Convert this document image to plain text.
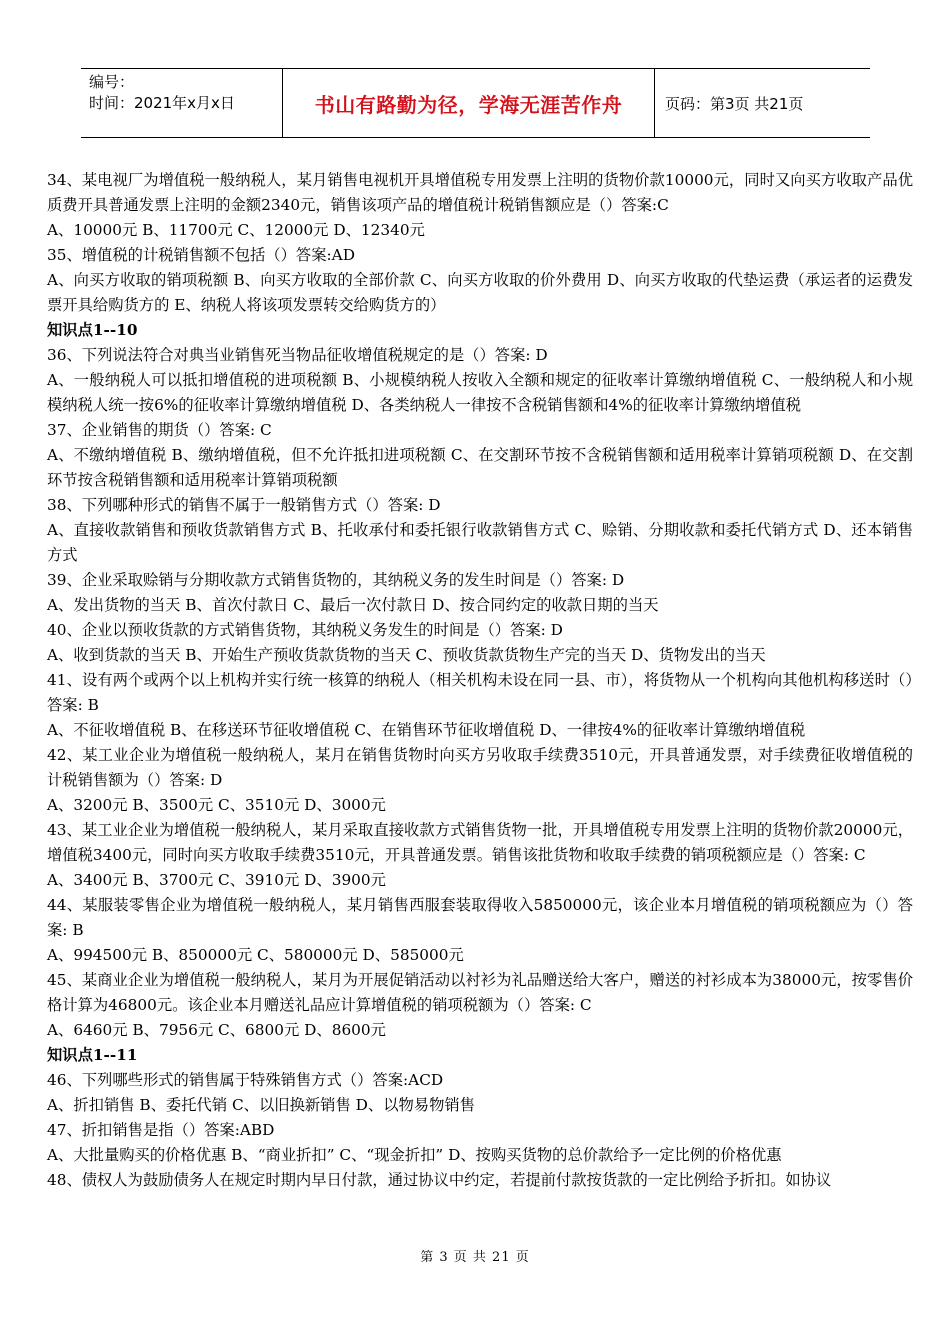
编号：
时间：2021年x月x日	书山有路勤为径，学海无涯苦作舟	页码：第3页 共21页

34、某电视厂为增值税一般纳税人，某月销售电视机开具增值税专用发票上注明的货物价款10000元，同时又向买方收取产品优质费开具普通发票上注明的金额2340元，销售该项产品的增值税计税销售额应是（）答案:C

A、10000元 B、11700元 C、12000元 D、12340元

35、增值税的计税销售额不包括（）答案:AD

A、向买方收取的销项税额 B、向买方收取的全部价款 C、向买方收取的价外费用 D、向买方收取的代垫运费（承运者的运费发票开具给购货方的 E、纳税人将该项发票转交给购货方的）

知识点1--10

36、下列说法符合对典当业销售死当物品征收增值税规定的是（）答案: D

A、一般纳税人可以抵扣增值税的进项税额 B、小规模纳税人按收入全额和规定的征收率计算缴纳增值税 C、一般纳税人和小规模纳税人统一按6%的征收率计算缴纳增值税 D、各类纳税人一律按不含税销售额和4%的征收率计算缴纳增值税

37、企业销售的期货（）答案: C

A、不缴纳增值税 B、缴纳增值税，但不允许抵扣进项税额 C、在交割环节按不含税销售额和适用税率计算销项税额 D、在交割环节按含税销售额和适用税率计算销项税额

38、下列哪种形式的销售不属于一般销售方式（）答案: D

A、直接收款销售和预收货款销售方式 B、托收承付和委托银行收款销售方式 C、赊销、分期收款和委托代销方式 D、还本销售方式

39、企业采取赊销与分期收款方式销售货物的，其纳税义务的发生时间是（）答案: D

A、发出货物的当天 B、首次付款日 C、最后一次付款日 D、按合同约定的收款日期的当天

40、企业以预收货款的方式销售货物，其纳税义务发生的时间是（）答案: D

A、收到货款的当天 B、开始生产预收货款货物的当天 C、预收货款货物生产完的当天 D、货物发出的当天

41、设有两个或两个以上机构并实行统一核算的纳税人（相关机构未设在同一县、市），将货物从一个机构向其他机构移送时（）答案: B

A、不征收增值税 B、在移送环节征收增值税 C、在销售环节征收增值税 D、一律按4%的征收率计算缴纳增值税

42、某工业企业为增值税一般纳税人，某月在销售货物时向买方另收取手续费3510元，开具普通发票，对手续费征收增值税的计税销售额为（）答案: D

A、3200元 B、3500元 C、3510元 D、3000元

43、某工业企业为增值税一般纳税人，某月采取直接收款方式销售货物一批，开具增值税专用发票上注明的货物价款20000元，增值税3400元，同时向买方收取手续费3510元，开具普通发票。销售该批货物和收取手续费的销项税额应是（）答案: C

A、3400元 B、3700元 C、3910元 D、3900元

44、某服装零售企业为增值税一般纳税人，某月销售西服套装取得收入5850000元，该企业本月增值税的销项税额应为（）答案: B

A、994500元 B、850000元 C、580000元 D、585000元

45、某商业企业为增值税一般纳税人，某月为开展促销活动以衬衫为礼品赠送给大客户，赠送的衬衫成本为38000元，按零售价格计算为46800元。该企业本月赠送礼品应计算增值税的销项税额为（）答案: C

A、6460元 B、7956元 C、6800元 D、8600元

知识点1--11

46、下列哪些形式的销售属于特殊销售方式（）答案:ACD

A、折扣销售 B、委托代销 C、以旧换新销售 D、以物易物销售

47、折扣销售是指（）答案:ABD

A、大批量购买的价格优惠 B、“商业折扣” C、“现金折扣” D、按购买货物的总价款给予一定比例的价格优惠

48、债权人为鼓励债务人在规定时期内早日付款，通过协议中约定，若提前付款按货款的一定比例给予折扣。如协议

第 3 页 共 21 页
